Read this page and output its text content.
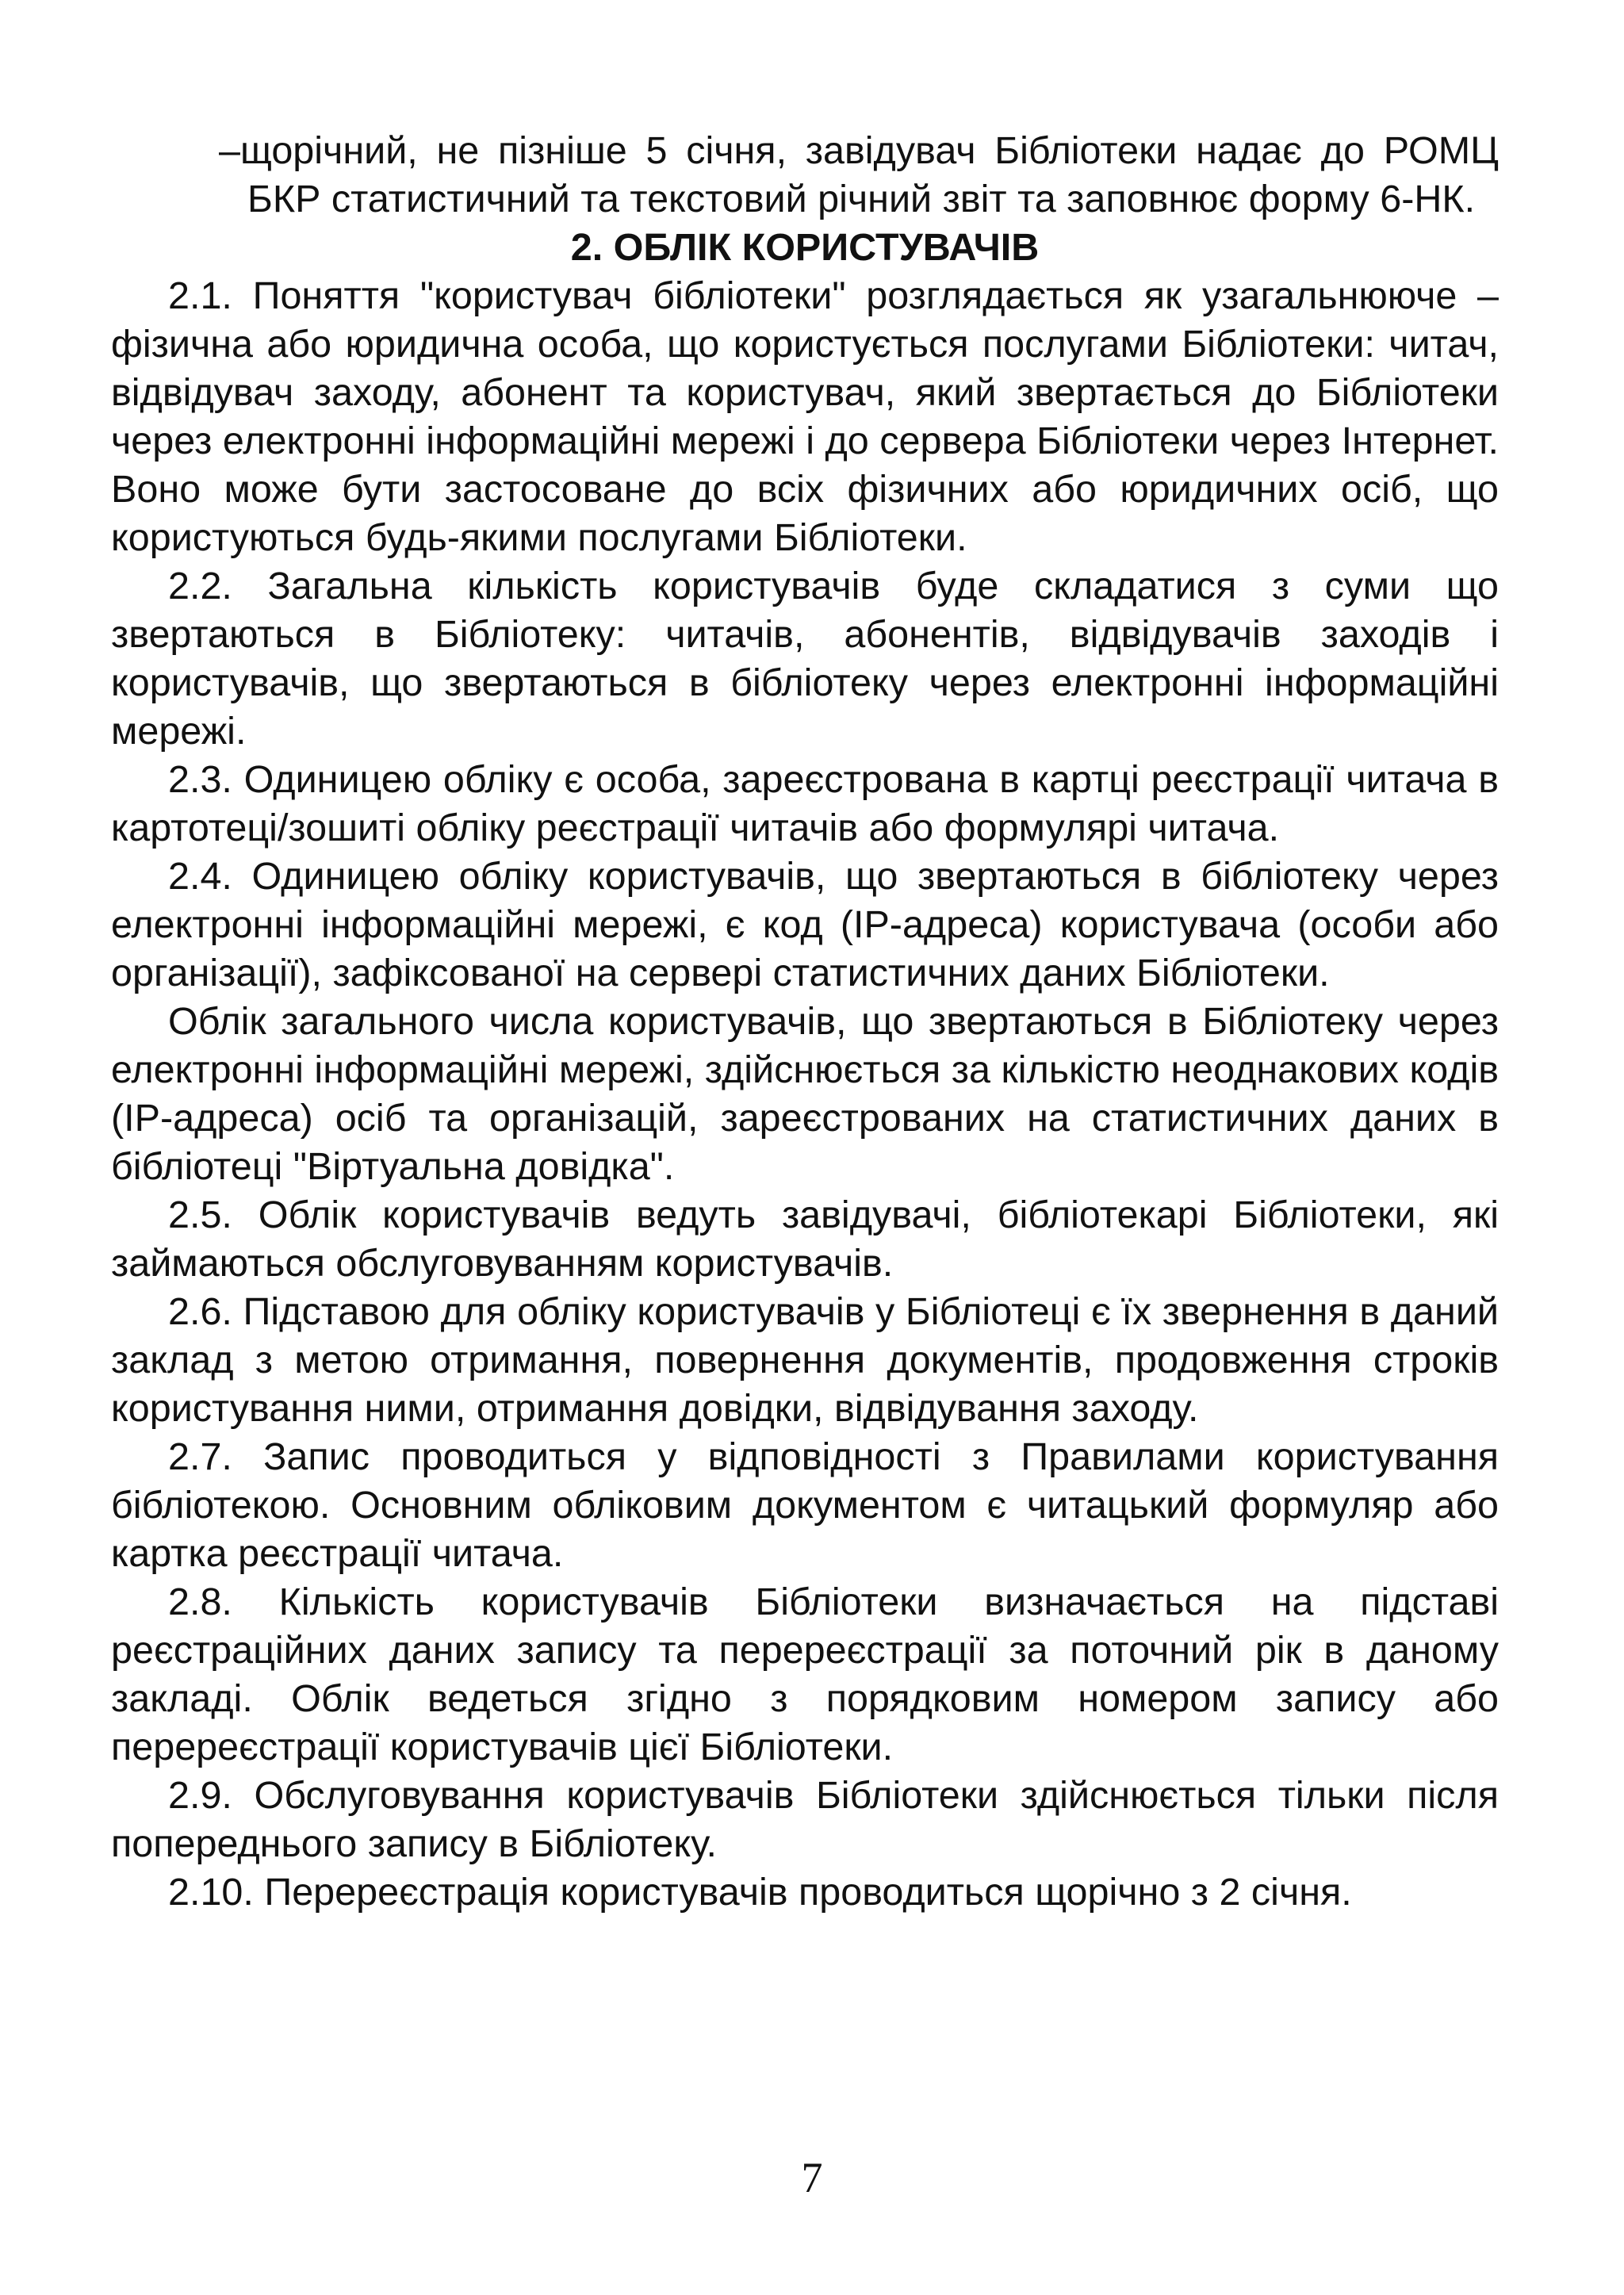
–щорічний, не пізніше 5 січня, завідувач Бібліотеки надає до РОМЦ БКР статистичний та текстовий річний звіт та заповнює форму 6-НК.

2. ОБЛІК КОРИСТУВАЧІВ

2.1. Поняття "користувач бібліотеки" розглядається як узагальнююче – фізична або юридична особа, що користується послугами Бібліотеки: читач, відвідувач заходу, абонент та користувач, який звертається до Бібліотеки через електронні інформаційні мережі і до сервера Бібліотеки через Інтернет. Воно може бути застосоване до всіх фізичних або юридичних осіб, що користуються будь-якими послугами Бібліотеки.

2.2. Загальна кількість користувачів буде складатися з суми що звертаються в Бібліотеку: читачів, абонентів, відвідувачів заходів і користувачів, що звертаються в бібліотеку через електронні інформаційні мережі.

2.3. Одиницею обліку є особа, зареєстрована в картці реєстрації читача в картотеці/зошиті обліку реєстрації читачів або формулярі читача.

2.4. Одиницею обліку користувачів, що звертаються в бібліотеку через електронні інформаційні мережі, є код (IP-адреса) користувача (особи або організації), зафіксованої на сервері статистичних даних Бібліотеки.

Облік загального числа користувачів, що звертаються в Бібліотеку через електронні інформаційні мережі, здійснюється за кількістю неоднакових кодів (IP-адреса) осіб та організацій, зареєстрованих на статистичних даних в бібліотеці "Віртуальна довідка".

2.5. Облік користувачів ведуть завідувачі, бібліотекарі Бібліотеки, які займаються обслуговуванням користувачів.

2.6. Підставою для обліку користувачів у Бібліотеці є їх звернення в даний заклад з метою отримання, повернення документів, продовження строків користування ними, отримання довідки, відвідування заходу.

2.7. Запис проводиться у відповідності з Правилами користування бібліотекою. Основним обліковим документом є читацький формуляр або картка реєстрації читача.

2.8. Кількість користувачів Бібліотеки визначається на підставі реєстраційних даних запису та перереєстрації за поточний рік в даному закладі. Облік ведеться згідно з порядковим номером запису або перереєстрації користувачів цієї Бібліотеки.

2.9. Обслуговування користувачів Бібліотеки здійснюється тільки після попереднього запису в Бібліотеку.

2.10. Перереєстрація користувачів проводиться щорічно з 2 січня.

7
